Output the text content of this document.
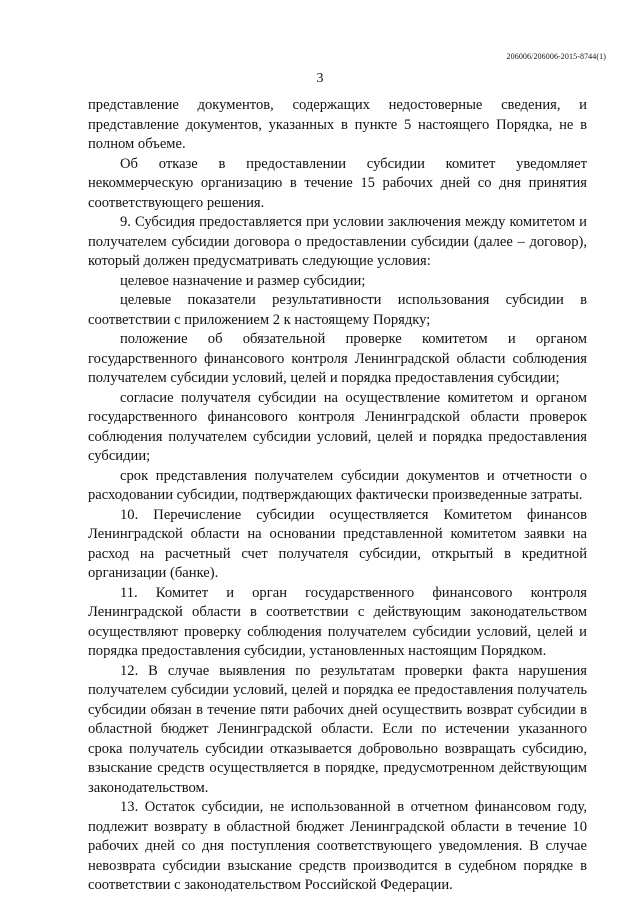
206006/206006-2015-8744(1)
3

представление документов, содержащих недостоверные сведения, и представление документов, указанных в пункте 5 настоящего Порядка, не в полном объеме.

Об отказе в предоставлении субсидии комитет уведомляет некоммерческую организацию в течение 15 рабочих дней со дня принятия соответствующего решения.

9. Субсидия предоставляется при условии заключения между комитетом и получателем субсидии договора о предоставлении субсидии (далее – договор), который должен предусматривать следующие условия:

целевое назначение и размер субсидии;

целевые показатели результативности использования субсидии в соответствии с приложением 2 к настоящему Порядку;

положение об обязательной проверке комитетом и органом государственного финансового контроля Ленинградской области соблюдения получателем субсидии условий, целей и порядка предоставления субсидии;

согласие получателя субсидии на осуществление комитетом и органом государственного финансового контроля Ленинградской области проверок соблюдения получателем субсидии условий, целей и порядка предоставления субсидии;

срок представления получателем субсидии документов и отчетности о расходовании субсидии, подтверждающих фактически произведенные затраты.

10. Перечисление субсидии осуществляется Комитетом финансов Ленинградской области на основании представленной комитетом заявки на расход на расчетный счет получателя субсидии, открытый в кредитной организации (банке).

11. Комитет и орган государственного финансового контроля Ленинградской области в соответствии с действующим законодательством осуществляют проверку соблюдения получателем субсидии условий, целей и порядка предоставления субсидии, установленных настоящим Порядком.

12. В случае выявления по результатам проверки факта нарушения получателем субсидии условий, целей и порядка ее предоставления получатель субсидии обязан в течение пяти рабочих дней осуществить возврат субсидии в областной бюджет Ленинградской области. Если по истечении указанного срока получатель субсидии отказывается добровольно возвращать субсидию, взыскание средств осуществляется в порядке, предусмотренном действующим законодательством.

13. Остаток субсидии, не использованной в отчетном финансовом году, подлежит возврату в областной бюджет Ленинградской области в течение 10 рабочих дней со дня поступления соответствующего уведомления. В случае невозврата субсидии взыскание средств производится в судебном порядке в соответствии с законодательством Российской Федерации.
